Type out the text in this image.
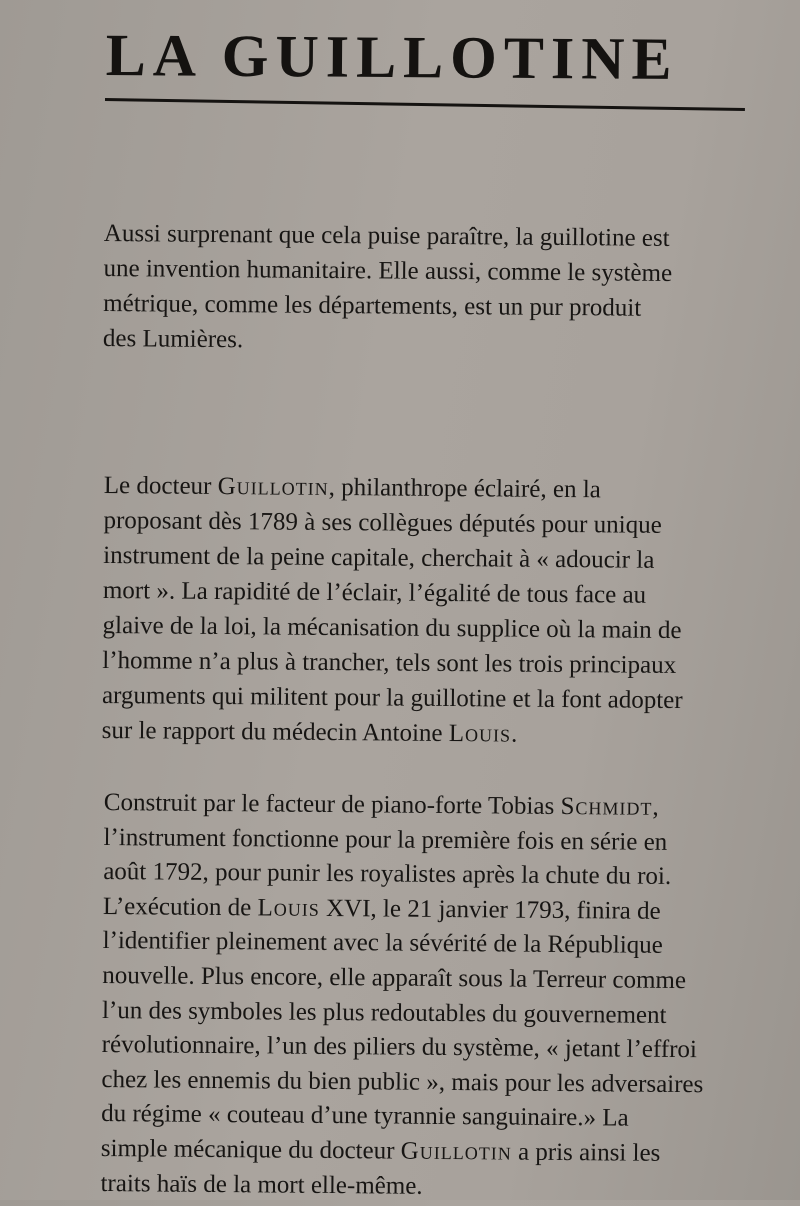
LA GUILLOTINE
Aussi surprenant que cela puise paraître, la guillotine est
une invention humanitaire. Elle aussi, comme le système
métrique, comme les départements, est un pur produit
des Lumières.
Le docteur Guillotin, philanthrope éclairé, en la
proposant dès 1789 à ses collègues députés pour unique
instrument de la peine capitale, cherchait à « adoucir la
mort ». La rapidité de l’éclair, l’égalité de tous face au
glaive de la loi, la mécanisation du supplice où la main de
l’homme n’a plus à trancher, tels sont les trois principaux
arguments qui militent pour la guillotine et la font adopter
sur le rapport du médecin Antoine Louis.
Construit par le facteur de piano-forte Tobias Schmidt,
l’instrument fonctionne pour la première fois en série en
août 1792, pour punir les royalistes après la chute du roi.
L’exécution de Louis XVI, le 21 janvier 1793, finira de
l’identifier pleinement avec la sévérité de la République
nouvelle. Plus encore, elle apparaît sous la Terreur comme
l’un des symboles les plus redoutables du gouvernement
révolutionnaire, l’un des piliers du système, « jetant l’effroi
chez les ennemis du bien public », mais pour les adversaires
du régime « couteau d’une tyrannie sanguinaire.» La
simple mécanique du docteur Guillotin a pris ainsi les
traits haïs de la mort elle-même.
